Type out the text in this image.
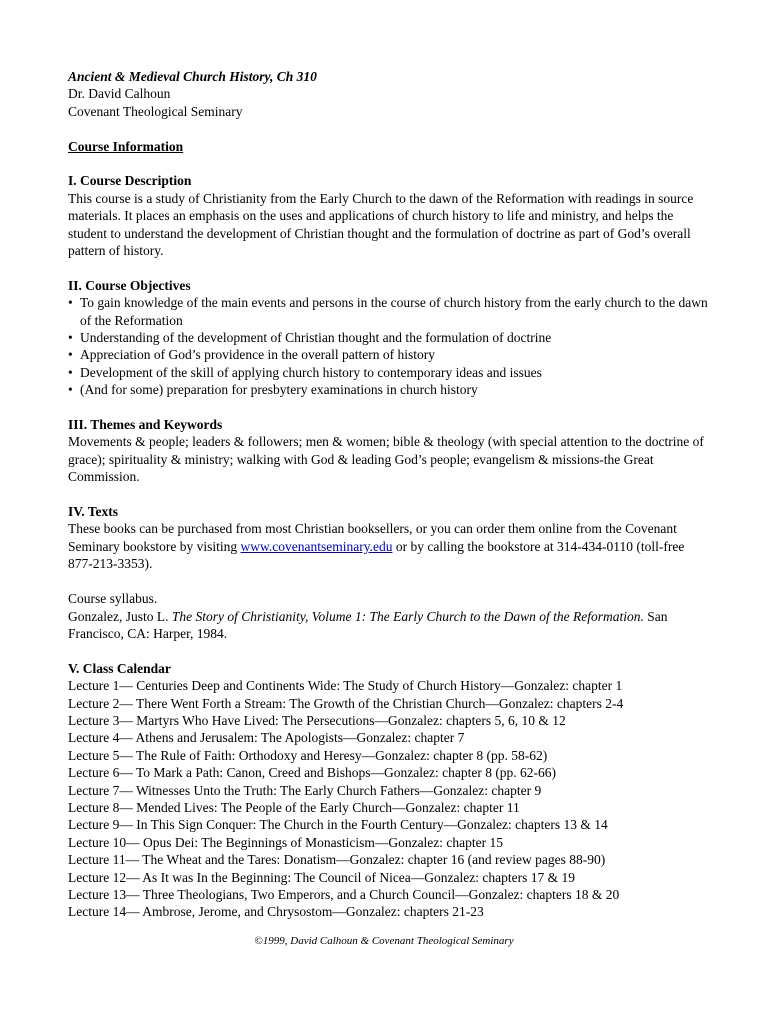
Ancient & Medieval Church History, Ch 310

Dr. David Calhoun

Covenant Theological Seminary

Course Information

I. Course Description

This course is a study of Christianity from the Early Church to the dawn of the Reformation with readings in source materials. It places an emphasis on the uses and applications of church history to life and ministry, and helps the student to understand the development of Christian thought and the formulation of doctrine as part of God’s overall pattern of history.

II. Course Objectives

• To gain knowledge of the main events and persons in the course of church history from the early church to the dawn of the Reformation
• Understanding of the development of Christian thought and the formulation of doctrine
• Appreciation of God’s providence in the overall pattern of history
• Development of the skill of applying church history to contemporary ideas and issues
• (And for some) preparation for presbytery examinations in church history

III. Themes and Keywords

Movements & people; leaders & followers; men & women; bible & theology (with special attention to the doctrine of grace); spirituality & ministry; walking with God & leading God’s people; evangelism & missions-the Great Commission.

IV. Texts

These books can be purchased from most Christian booksellers, or you can order them online from the Covenant Seminary bookstore by visiting www.covenantseminary.edu or by calling the bookstore at 314-434-0110 (toll-free 877-213-3353).

Course syllabus.

Gonzalez, Justo L. The Story of Christianity, Volume 1: The Early Church to the Dawn of the Reformation. San Francisco, CA: Harper, 1984.

V. Class Calendar

Lecture 1— Centuries Deep and Continents Wide: The Study of Church History—Gonzalez: chapter 1

Lecture 2— There Went Forth a Stream: The Growth of the Christian Church—Gonzalez: chapters 2-4

Lecture 3— Martyrs Who Have Lived: The Persecutions—Gonzalez: chapters 5, 6, 10 & 12

Lecture 4— Athens and Jerusalem: The Apologists—Gonzalez: chapter 7

Lecture 5— The Rule of Faith: Orthodoxy and Heresy—Gonzalez: chapter 8 (pp. 58-62)

Lecture 6— To Mark a Path: Canon, Creed and Bishops—Gonzalez: chapter 8 (pp. 62-66)

Lecture 7— Witnesses Unto the Truth: The Early Church Fathers—Gonzalez: chapter 9

Lecture 8— Mended Lives: The People of the Early Church—Gonzalez: chapter 11

Lecture 9— In This Sign Conquer: The Church in the Fourth Century—Gonzalez: chapters 13 & 14

Lecture 10— Opus Dei: The Beginnings of Monasticism—Gonzalez: chapter 15

Lecture 11— The Wheat and the Tares: Donatism—Gonzalez: chapter 16 (and review pages 88-90)

Lecture 12— As It was In the Beginning: The Council of Nicea—Gonzalez: chapters 17 & 19

Lecture 13— Three Theologians, Two Emperors, and a Church Council—Gonzalez: chapters 18 & 20

Lecture 14— Ambrose, Jerome, and Chrysostom—Gonzalez: chapters 21-23

©1999, David Calhoun & Covenant Theological Seminary
